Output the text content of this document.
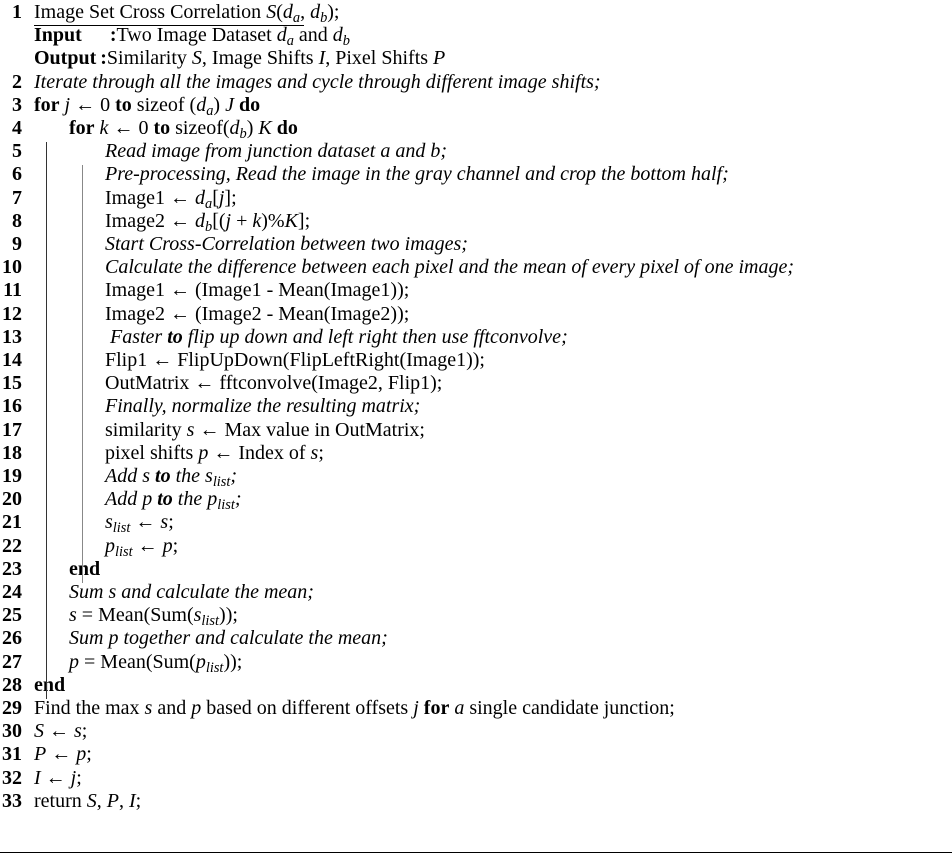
1 Image Set Cross Correlation $S(d_a$, $d_b$);
Input :Two Image Dataset $d_a$ and $d_b$
Output :Similarity S, Image Shifts I, Pixel Shifts P
2 Iterate through all the images and cycle through different image shifts;
3 for j ← 0 to sizeof $(d_a)$ J do
4 for k ← 0 to $sizeof(d_b)$ K do
5	Read image from junction dataset a and b;
6	Pre-processing, Read the image in the gray channel and crop the bottom half;
7	Image1 ← $d_a[j]$;
8	Image2 ← $d_b[(j + k)\%K]$;
9	Start Cross-Correlation between two images;
10	Calculate the difference between each pixel and the mean of every pixel of one image;
11	Image1 ← (Image1 - Mean(Image1));
12	Image2 ← (Image2 - Mean(Image2));
13	Faster to flip up down and left right then use fftconvolve;
14	Flip1 ← FlipUpDown(FlipLeftRight(Image1));
15	OutMatrix ← fftconvolve(Image2, Flip1);
16	Finally, normalize the resulting matrix;
17	similarity s ← Max value in OutMatrix;
18	pixel shifts p ← Index of s;
19	Add s to the $s_{list}$;
20	Add p to the $p_{list}$;
21	$s_{list}$ ← s;
22	$p_{list}$ ← p;
23 end
24 Sum s and calculate the mean;
25 $s = Mean(Sum(s_{list}))$;
26 Sum p together and calculate the mean;
27 $p = Mean(Sum(p_{list}))$;
28 end
29 Find the max s and p based on different offsets j for a single candidate junction;
30 S ← s;
31 P ← p;
32 I ← j;
33 return S, P, I;
